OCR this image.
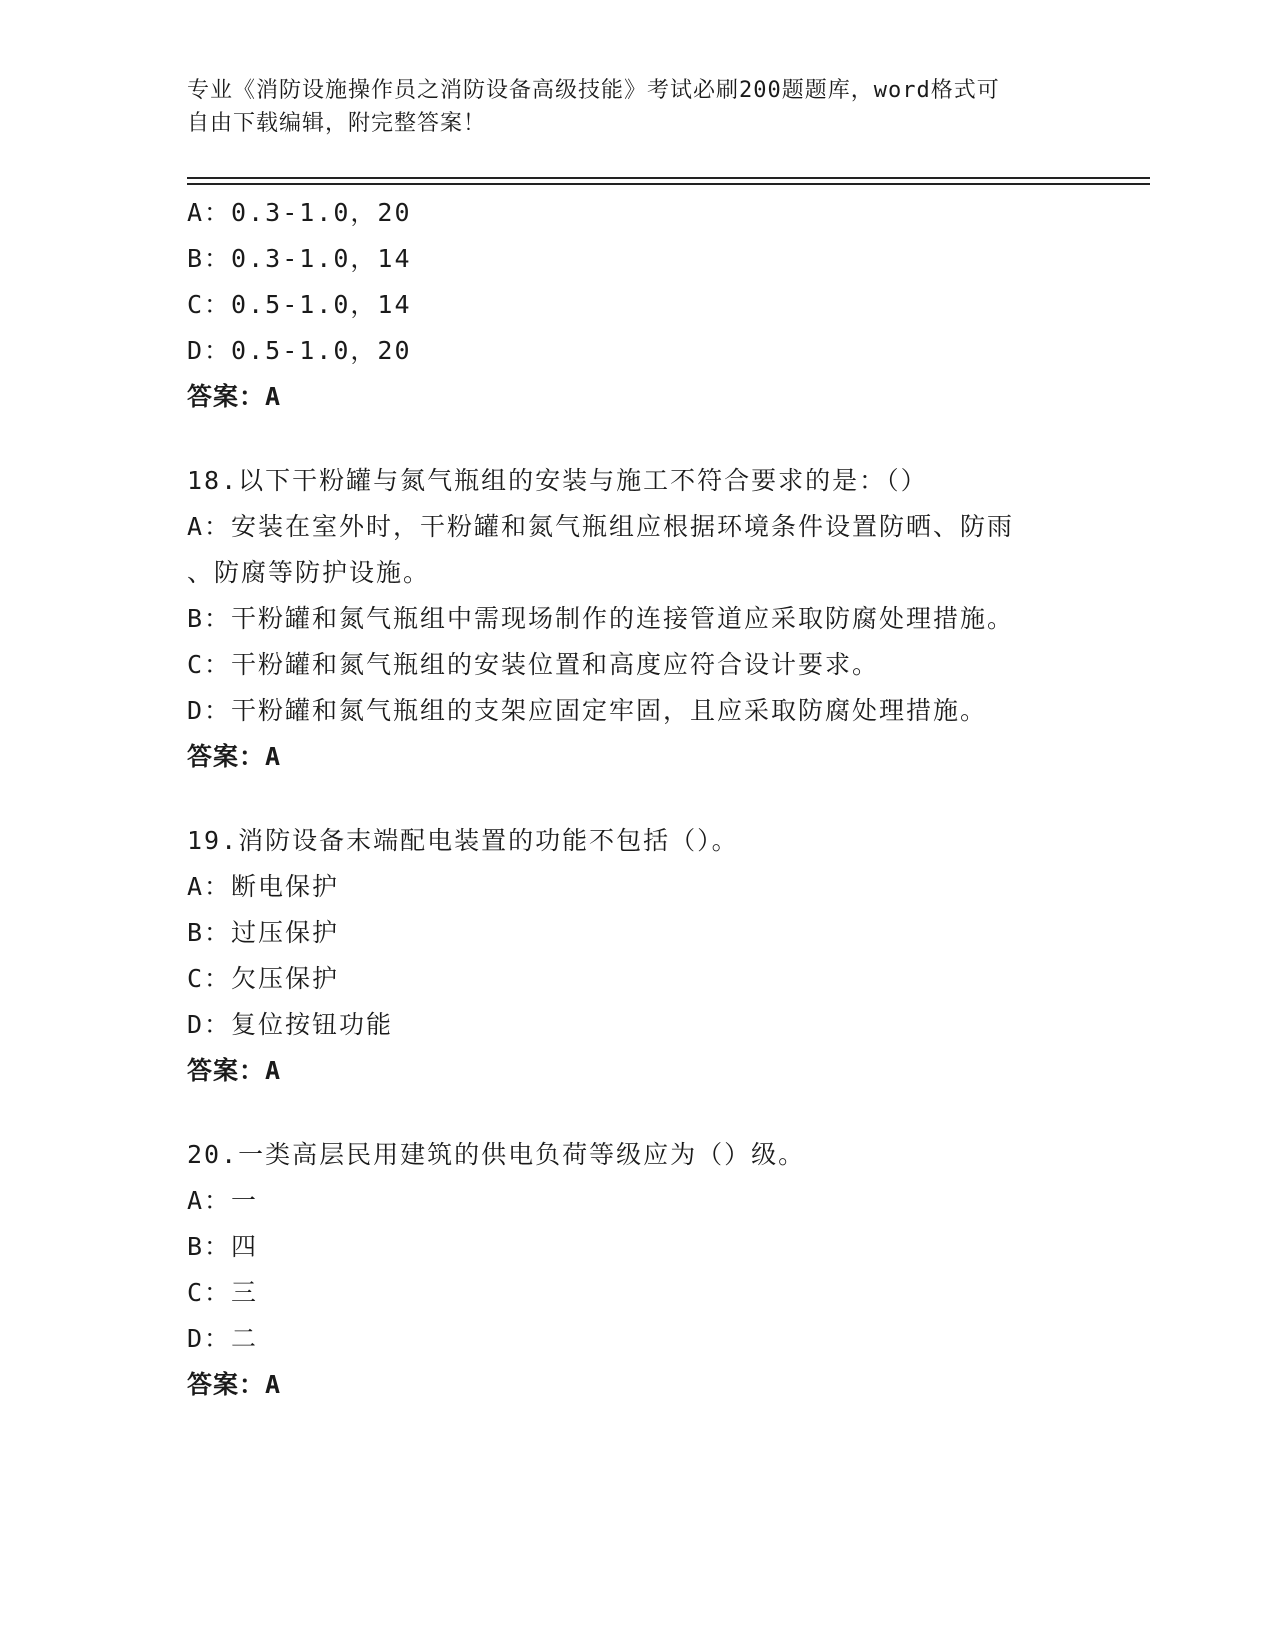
专业《消防设施操作员之消防设备高级技能》考试必刷200题题库，word格式可
自由下载编辑，附完整答案！
A：0.3-1.0，20
B：0.3-1.0，14
C：0.5-1.0，14
D：0.5-1.0，20
答案：A
18.以下干粉罐与氮气瓶组的安装与施工不符合要求的是：（）
A：安装在室外时，干粉罐和氮气瓶组应根据环境条件设置防晒、防雨
、防腐等防护设施。
B：干粉罐和氮气瓶组中需现场制作的连接管道应采取防腐处理措施。
C：干粉罐和氮气瓶组的安装位置和高度应符合设计要求。
D：干粉罐和氮气瓶组的支架应固定牢固，且应采取防腐处理措施。
答案：A
19.消防设备末端配电装置的功能不包括（）。
A：断电保护
B：过压保护
C：欠压保护
D：复位按钮功能
答案：A
20.一类高层民用建筑的供电负荷等级应为（）级。
A：一
B：四
C：三
D：二
答案：A
